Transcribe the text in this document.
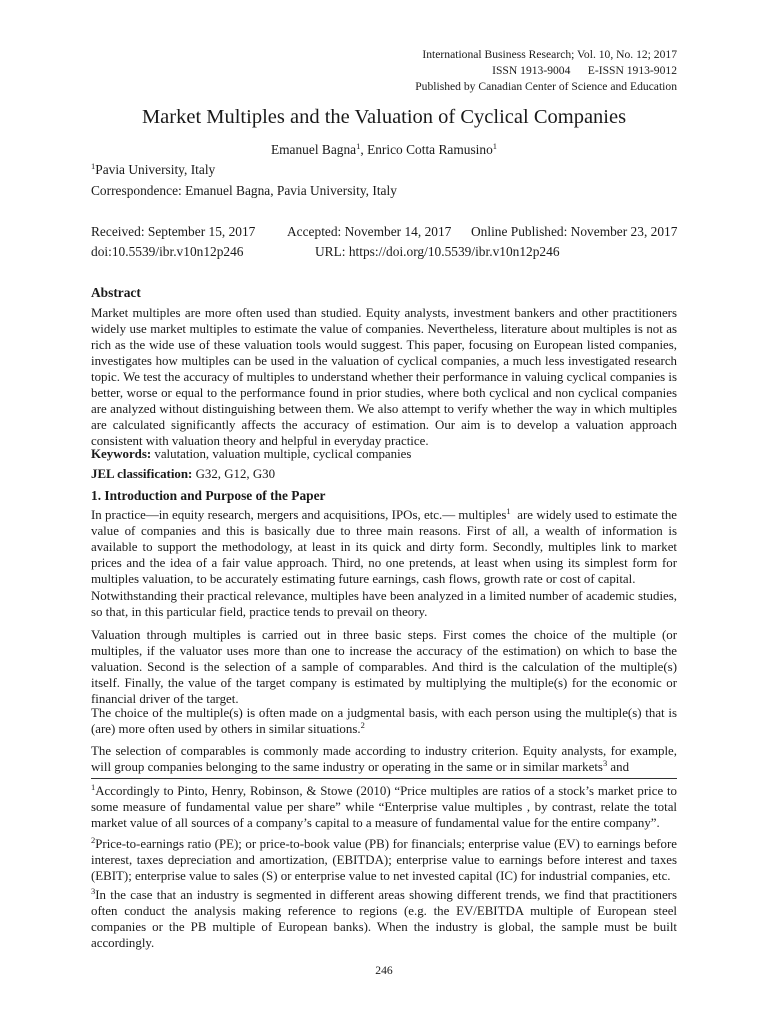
International Business Research; Vol. 10, No. 12; 2017
ISSN 1913-9004      E-ISSN 1913-9012
Published by Canadian Center of Science and Education
Market Multiples and the Valuation of Cyclical Companies
Emanuel Bagna$^1$, Enrico Cotta Ramusino$^1$
$^1$Pavia University, Italy
Correspondence: Emanuel Bagna, Pavia University, Italy
Received: September 15, 2017 Accepted: November 14, 2017 Online Published: November 23, 2017
doi:10.5539/ibr.v10n12p246	URL: https://doi.org/10.5539/ibr.v10n12p246
Abstract
Market multiples are more often used than studied. Equity analysts, investment bankers and other practitioners widely use market multiples to estimate the value of companies. Nevertheless, literature about multiples is not as rich as the wide use of these valuation tools would suggest. This paper, focusing on European listed companies, investigates how multiples can be used in the valuation of cyclical companies, a much less investigated research topic. We test the accuracy of multiples to understand whether their performance in valuing cyclical companies is better, worse or equal to the performance found in prior studies, where both cyclical and non cyclical companies are analyzed without distinguishing between them. We also attempt to verify whether the way in which multiples are calculated significantly affects the accuracy of estimation. Our aim is to develop a valuation approach consistent with valuation theory and helpful in everyday practice.
Keywords: valutation, valuation multiple, cyclical companies
JEL classification: G32, G12, G30
1. Introduction and Purpose of the Paper
In practice—in equity research, mergers and acquisitions, IPOs, etc.— multiples$^1$  are widely used to estimate the value of companies and this is basically due to three main reasons. First of all, a wealth of information is available to support the methodology, at least in its quick and dirty form. Secondly, multiples link to market prices and the idea of a fair value approach. Third, no one pretends, at least when using its simplest form for multiples valuation, to be accurately estimating future earnings, cash flows, growth rate or cost of capital.
Notwithstanding their practical relevance, multiples have been analyzed in a limited number of academic studies, so that, in this particular field, practice tends to prevail on theory.
Valuation through multiples is carried out in three basic steps. First comes the choice of the multiple (or multiples, if the valuator uses more than one to increase the accuracy of the estimation) on which to base the valuation. Second is the selection of a sample of comparables. And third is the calculation of the multiple(s) itself. Finally, the value of the target company is estimated by multiplying the multiple(s) for the economic or financial driver of the target.
The choice of the multiple(s) is often made on a judgmental basis, with each person using the multiple(s) that is (are) more often used by others in similar situations.$^2$
The selection of comparables is commonly made according to industry criterion. Equity analysts, for example, will group companies belonging to the same industry or operating in the same or in similar markets$^3$ and
$^1$Accordingly to Pinto, Henry, Robinson, & Stowe (2010) “Price multiples are ratios of a stock’s market price to some measure of fundamental value per share” while “Enterprise value multiples , by contrast, relate the total market value of all sources of a company’s capital to a measure of fundamental value for the entire company”.
$^2$Price-to-earnings ratio (PE); or price-to-book value (PB) for financials; enterprise value (EV) to earnings before interest, taxes depreciation and amortization, (EBITDA); enterprise value to earnings before interest and taxes (EBIT); enterprise value to sales (S) or enterprise value to net invested capital (IC) for industrial companies, etc.
$^3$In the case that an industry is segmented in different areas showing different trends, we find that practitioners often conduct the analysis making reference to regions (e.g. the EV/EBITDA multiple of European steel companies or the PB multiple of European banks). When the industry is global, the sample must be built accordingly.
246
